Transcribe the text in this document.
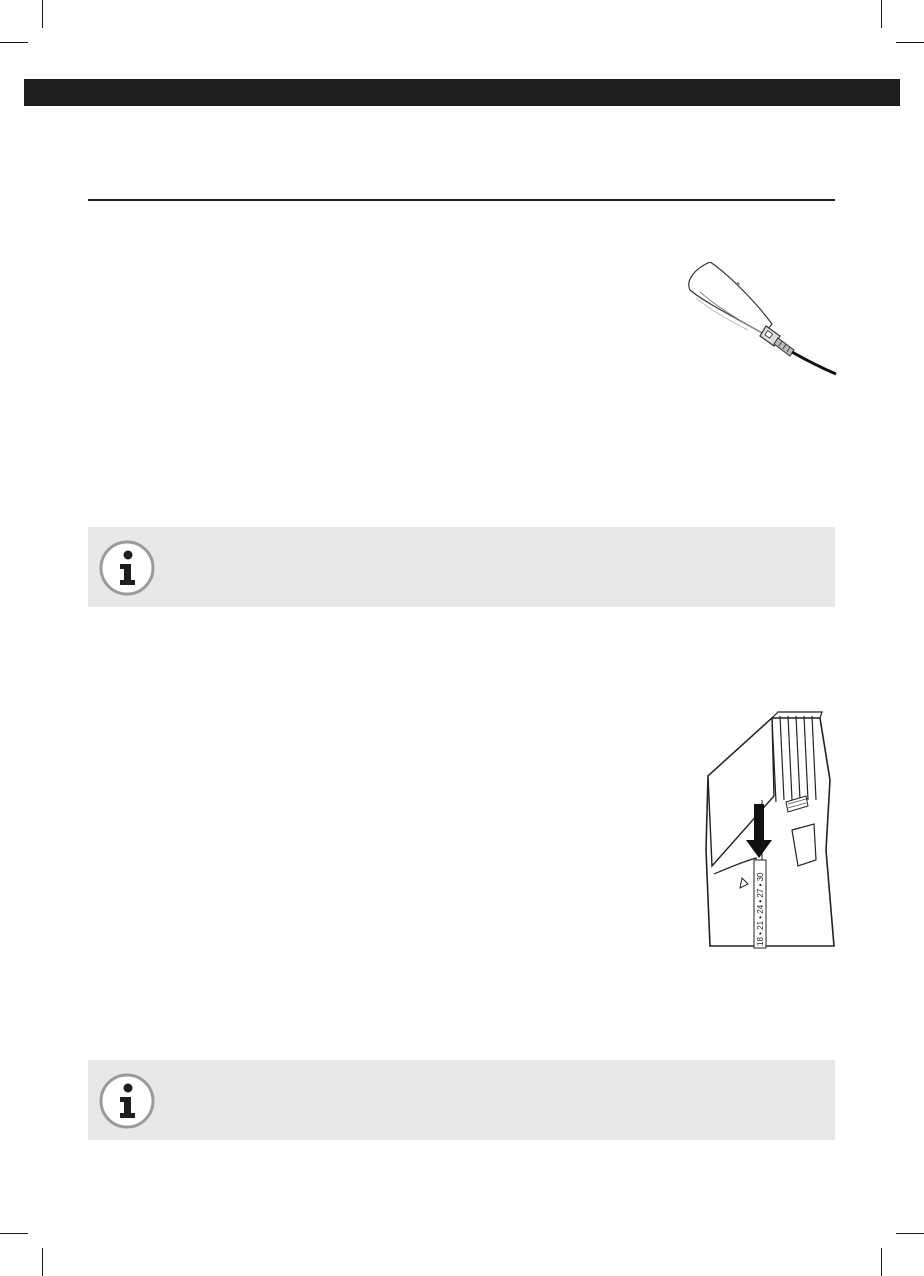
18 • 21 • 24 • 27 • 30
